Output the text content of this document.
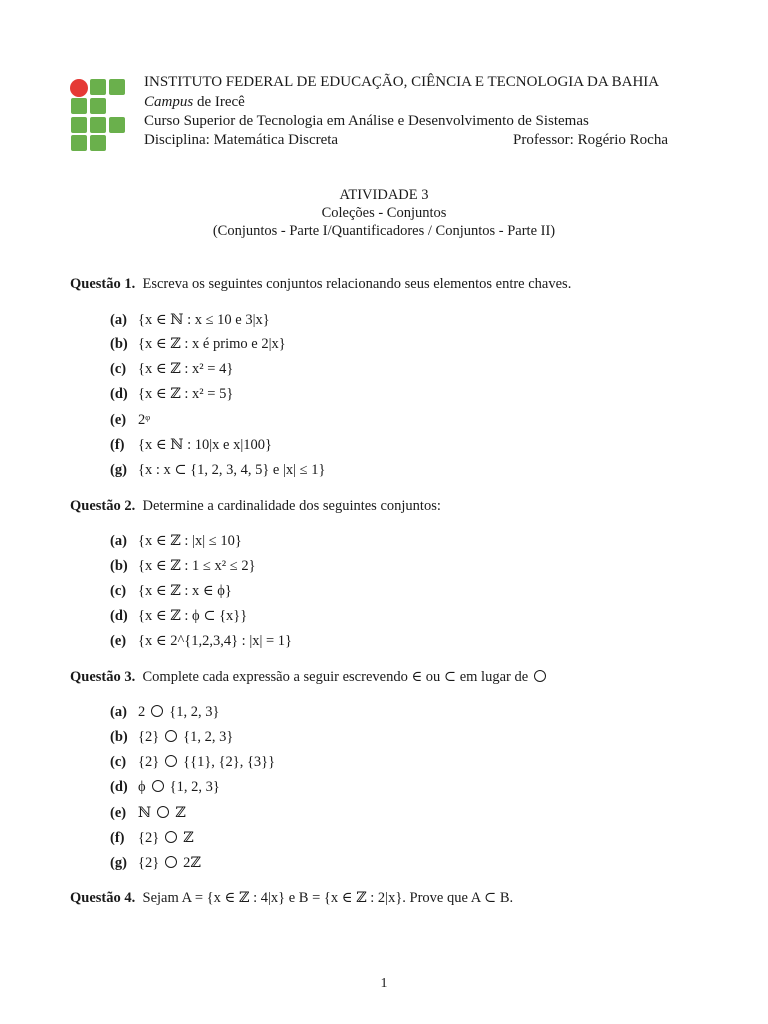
INSTITUTO FEDERAL DE EDUCAÇÃO, CIÊNCIA E TECNOLOGIA DA BAHIA
Campus de Irecê
Curso Superior de Tecnologia em Análise e Desenvolvimento de Sistemas
Disciplina: Matemática Discreta	Professor: Rogério Rocha
ATIVIDADE 3
Coleções - Conjuntos
(Conjuntos - Parte I/Quantificadores / Conjuntos - Parte II)
Questão 1. Escreva os seguintes conjuntos relacionando seus elementos entre chaves.
(a) {x ∈ ℕ : x ≤ 10 e 3|x}
(b) {x ∈ ℤ : x é primo e 2|x}
(c) {x ∈ ℤ : x² = 4}
(d) {x ∈ ℤ : x² = 5}
(e) 2ᵠ
(f) {x ∈ ℕ : 10|x e x|100}
(g) {x : x ⊂ {1, 2, 3, 4, 5} e |x| ≤ 1}
Questão 2. Determine a cardinalidade dos seguintes conjuntos:
(a) {x ∈ ℤ : |x| ≤ 10}
(b) {x ∈ ℤ : 1 ≤ x² ≤ 2}
(c) {x ∈ ℤ : x ∈ ϕ}
(d) {x ∈ ℤ : ϕ ⊂ {x}}
(e) {x ∈ 2^{1,2,3,4} : |x| = 1}
Questão 3. Complete cada expressão a seguir escrevendo ∈ ou ⊂ em lugar de
(a) 2 {1, 2, 3}
(b) {2} {1, 2, 3}
(c) {2} {{1}, {2}, {3}}
(d) ϕ {1, 2, 3}
(e) ℕ ℤ
(f) {2} ℤ
(g) {2} 2ℤ
Questão 4. Sejam A = {x ∈ ℤ : 4|x} e B = {x ∈ ℤ : 2|x}. Prove que A ⊂ B.
1
